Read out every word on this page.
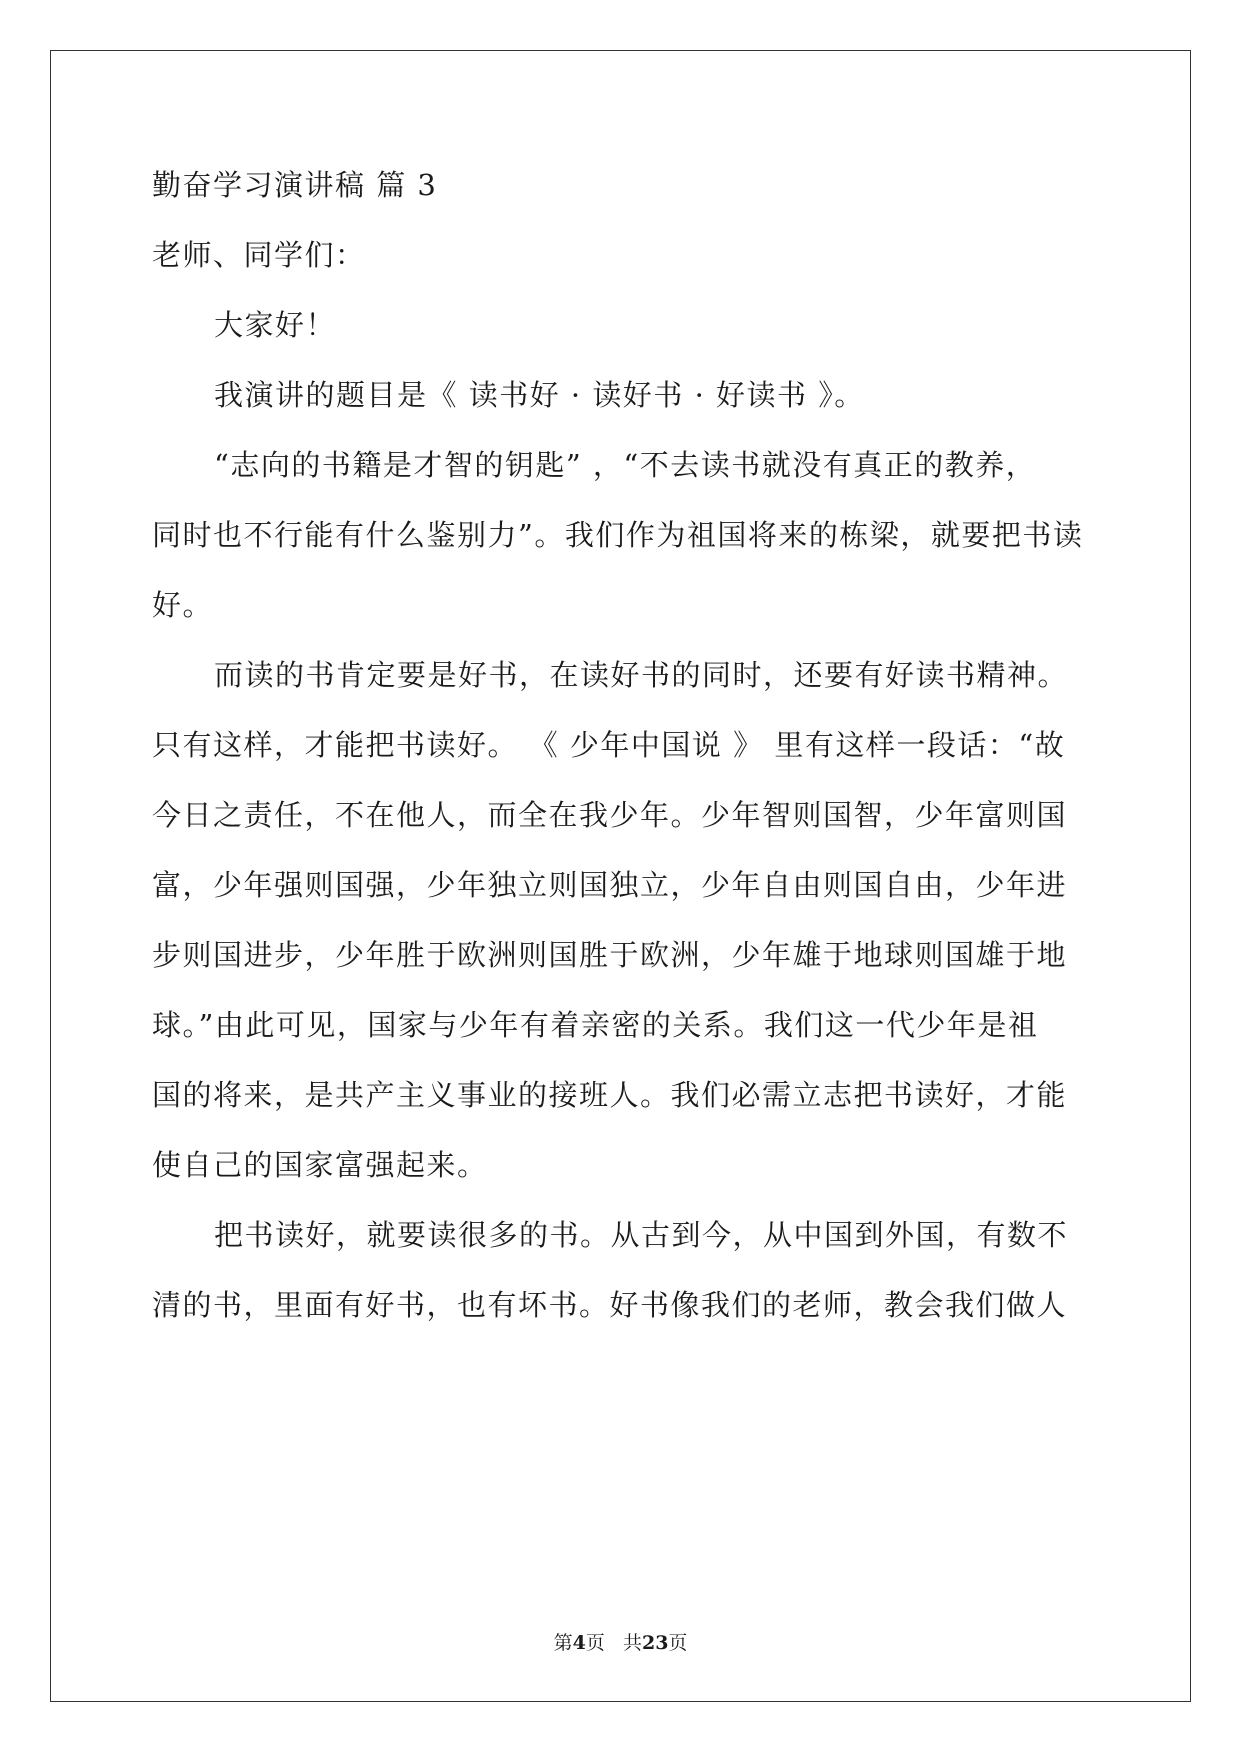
勤奋学习演讲稿 篇 3
老师、同学们：
大家好！
我演讲的题目是《 读书好 · 读好书 · 好读书 》。
“志向的书籍是才智的钥匙” ，“不去读书就没有真正的教养，
同时也不行能有什么鉴别力”。我们作为祖国将来的栋梁，就要把书读
好。
而读的书肯定要是好书，在读好书的同时，还要有好读书精神。
只有这样，才能把书读好。 《 少年中国说 》 里有这样一段话：“故
今日之责任，不在他人，而全在我少年。少年智则国智，少年富则国
富，少年强则国强，少年独立则国独立，少年自由则国自由，少年进
步则国进步，少年胜于欧洲则国胜于欧洲，少年雄于地球则国雄于地
球。”由此可见，国家与少年有着亲密的关系。我们这一代少年是祖
国的将来，是共产主义事业的接班人。我们必需立志把书读好，才能
使自己的国家富强起来。
把书读好，就要读很多的书。从古到今，从中国到外国，有数不
清的书，里面有好书，也有坏书。好书像我们的老师，教会我们做人
第4页 共23页
